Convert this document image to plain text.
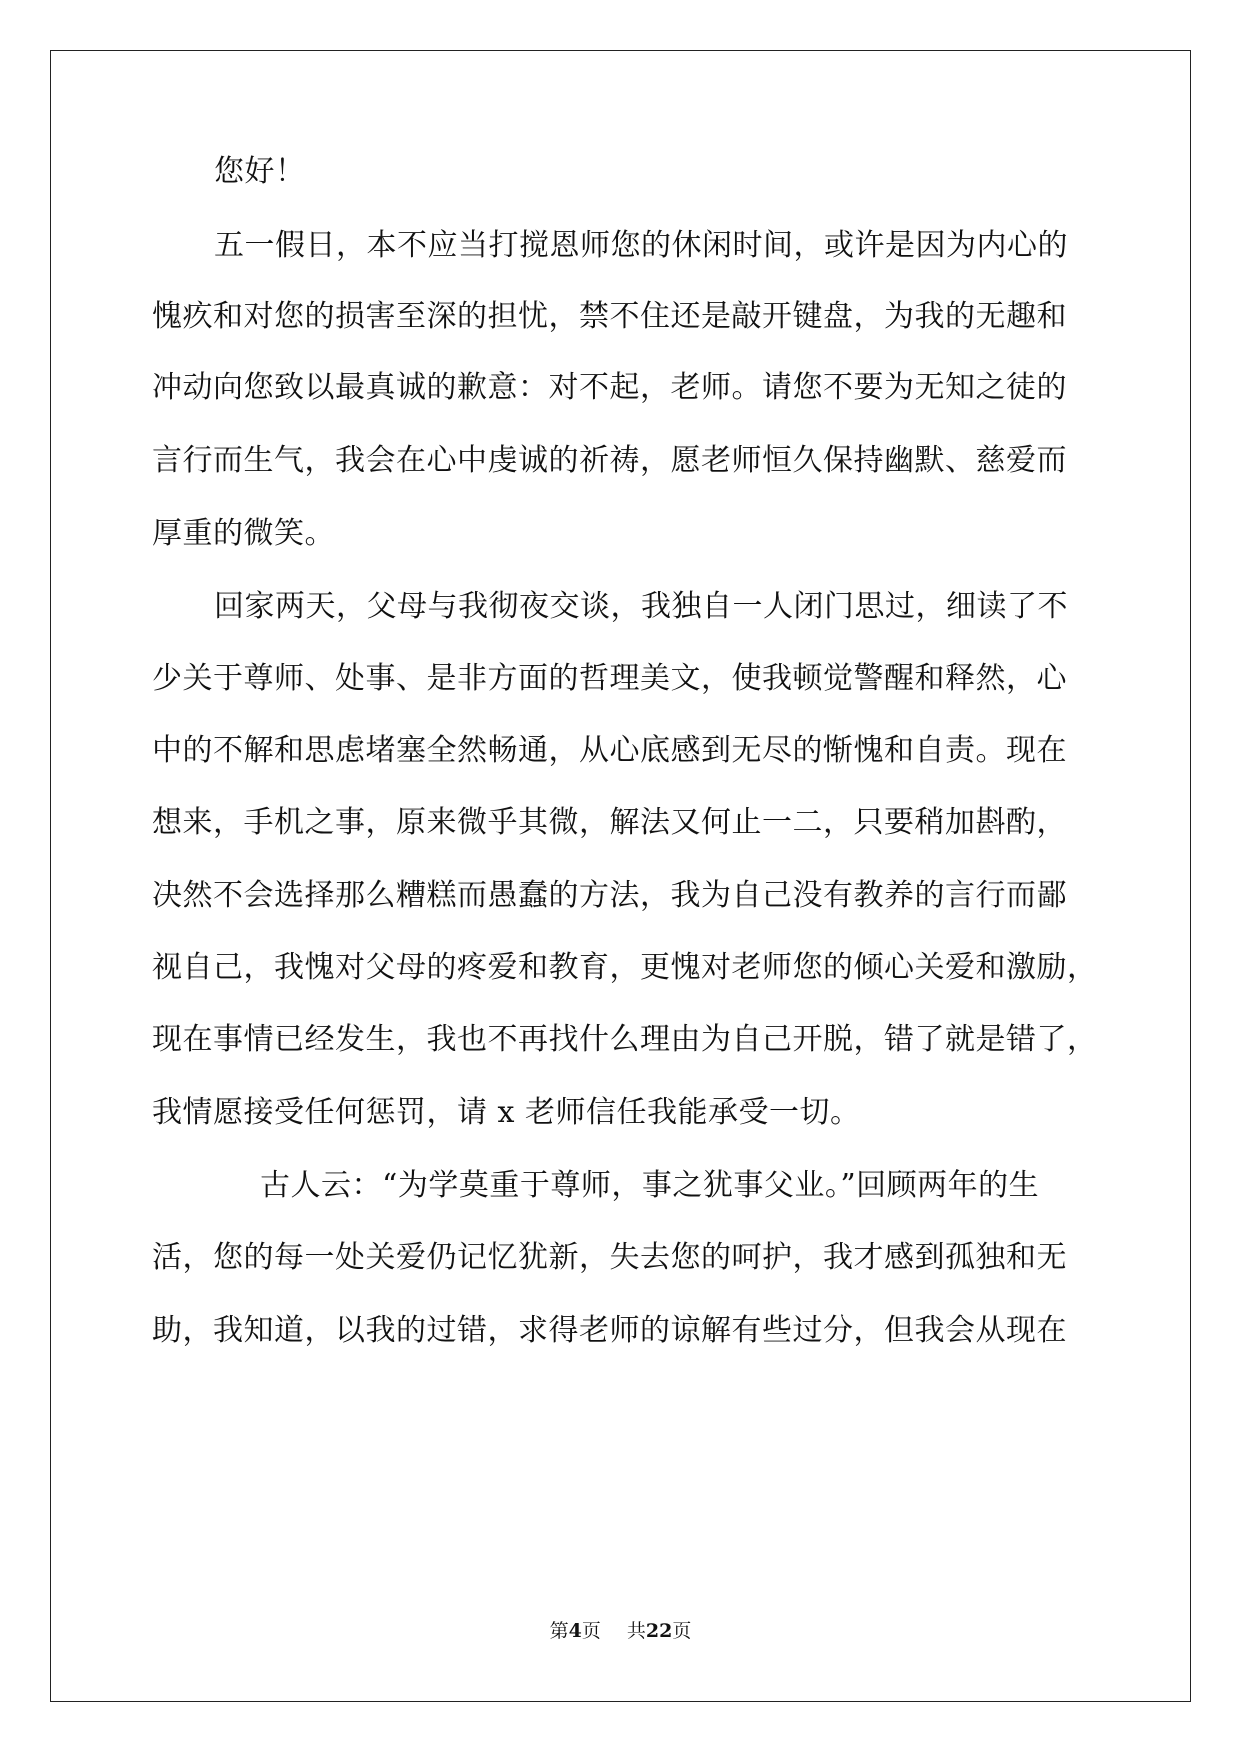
您好！
五一假日，本不应当打搅恩师您的休闲时间，或许是因为内心的
愧疚和对您的损害至深的担忧，禁不住还是敲开键盘，为我的无趣和
冲动向您致以最真诚的歉意：对不起，老师。请您不要为无知之徒的
言行而生气，我会在心中虔诚的祈祷，愿老师恒久保持幽默、慈爱而
厚重的微笑。
回家两天，父母与我彻夜交谈，我独自一人闭门思过，细读了不
少关于尊师、处事、是非方面的哲理美文，使我顿觉警醒和释然，心
中的不解和思虑堵塞全然畅通，从心底感到无尽的惭愧和自责。现在
想来，手机之事，原来微乎其微，解法又何止一二，只要稍加斟酌，
决然不会选择那么糟糕而愚蠢的方法，我为自己没有教养的言行而鄙
视自己，我愧对父母的疼爱和教育，更愧对老师您的倾心关爱和激励，
现在事情已经发生，我也不再找什么理由为自己开脱，错了就是错了，
我情愿接受任何惩罚，请 x 老师信任我能承受一切。
古人云：“为学莫重于尊师，事之犹事父业。”回顾两年的生
活，您的每一处关爱仍记忆犹新，失去您的呵护，我才感到孤独和无
助，我知道，以我的过错，求得老师的谅解有些过分，但我会从现在
第4页 共22页
